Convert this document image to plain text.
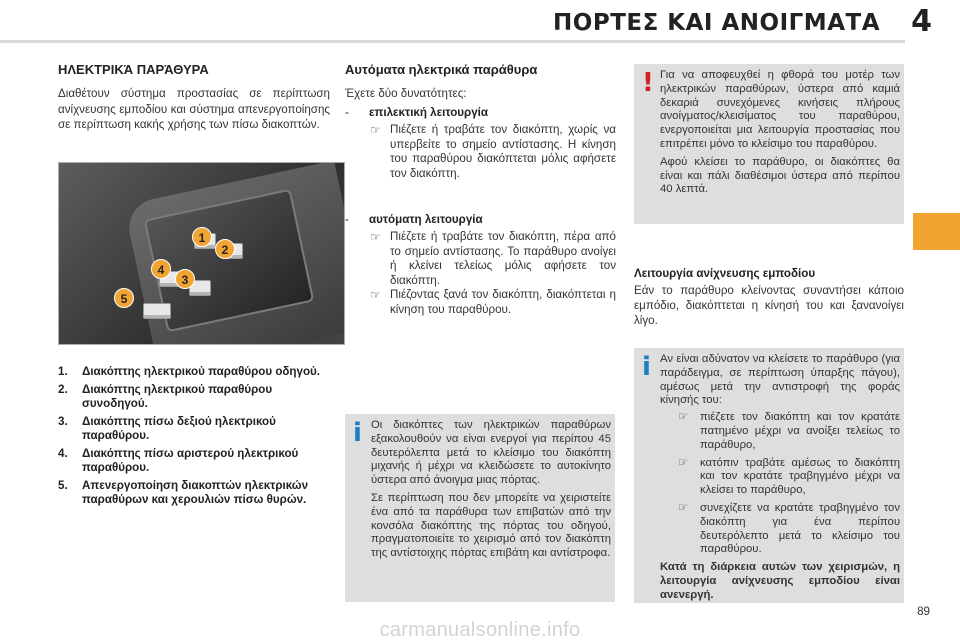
ΠΟΡΤΕΣ ΚΑΙ ΑΝΟΙΓΜΑΤΑ 4
ΗΛΕΚΤΡΙΚΆ ΠΑΡΆΘΥΡΑ
Διαθέτουν σύστημα προστασίας σε περίπτωση ανίχνευσης εμποδίου και σύστημα απενεργοποίησης σε περίπτωση κακής χρήσης των πίσω διακοπτών.
1
2
3
4
5
1.	Διακόπτης ηλεκτρικού παραθύρου οδηγού.
2.	Διακόπτης ηλεκτρικού παραθύρου συνοδηγού.
3.	Διακόπτης πίσω δεξιού ηλεκτρικού παραθύρου.
4.	Διακόπτης πίσω αριστερού ηλεκτρικού παραθύρου.
5.	Απενεργοποίηση διακοπτών ηλεκτρικών παραθύρων και χερουλιών πίσω θυρών.
Αυτόματα ηλεκτρικά παράθυρα
Έχετε δύο δυνατότητες:
- επιλεκτική λειτουργία
☞ Πιέζετε ή τραβάτε τον διακόπτη, χωρίς να υπερβείτε το σημείο αντίστασης. Η κίνηση του παραθύρου διακόπτεται μόλις αφήσετε τον διακόπτη.
- αυτόματη λειτουργία
☞ Πιέζετε ή τραβάτε τον διακόπτη, πέρα από το σημείο αντίστασης. Το παράθυρο ανοίγει ή κλείνει τελείως μόλις αφήσετε τον διακόπτη.
☞ Πιέζοντας ξανά τον διακόπτη, διακόπτεται η κίνηση του παραθύρου.
i Οι διακόπτες των ηλεκτρικών παραθύρων εξακολουθούν να είναι ενεργοί για περίπου 45 δευτερόλεπτα μετά το κλείσιμο του διακόπτη μιχανής ή μέχρι να κλειδώσετε το αυτοκίνητο ύστερα από άνοιγμα μιας πόρτας.

Σε περίπτωση που δεν μπορείτε να χειριστείτε ένα από τα παράθυρα των επιβατών από την κονσόλα διακόπτης της πόρτας του οδηγού, πραγματοποιείτε το χειρισμό από τον διακόπτη της αντίστοιχης πόρτας επιβάτη και αντίστροφα.

! Για να αποφευχθεί η φθορά του μοτέρ των ηλεκτρικών παραθύρων, ύστερα από καμιά δεκαριά συνεχόμενες κινήσεις πλήρους ανοίγματος/κλεισίματος του παραθύρου, ενεργοποιείται μια λειτουργία προστασίας που επιτρέπει μόνο το κλείσιμο του παραθύρου.

Αφού κλείσει το παράθυρο, οι διακόπτες θα είναι και πάλι διαθέσιμοι ύστερα από περίπου 40 λεπτά.

Λειτουργία ανίχνευσης εμποδίου
Εάν το παράθυρο κλείνοντας συναντήσει κάποιο εμπόδιο, διακόπτεται η κίνησή του και ξανανοίγει λίγο.
i Αν είναι αδύνατον να κλείσετε το παράθυρο (για παράδειγμα, σε περίπτωση ύπαρξης πάγου), αμέσως μετά την αντιστροφή της φοράς κίνησής του:

☞ πιέζετε τον διακόπτη και τον κρατάτε πατημένο μέχρι να ανοίξει τελείως το παράθυρο,
☞ κατόπιν τραβάτε αμέσως το διακόπτη και τον κρατάτε τραβηγμένο μέχρι να κλείσει το παράθυρο,
☞ συνεχίζετε να κρατάτε τραβηγμένο τον διακόπτη για ένα περίπου δευτερόλεπτο μετά το κλείσιμο του παραθύρου.

Κατά τη διάρκεια αυτών των χειρισμών, η λειτουργία ανίχνευσης εμποδίου είναι ανενεργή.

89
carmanualsonline.info
